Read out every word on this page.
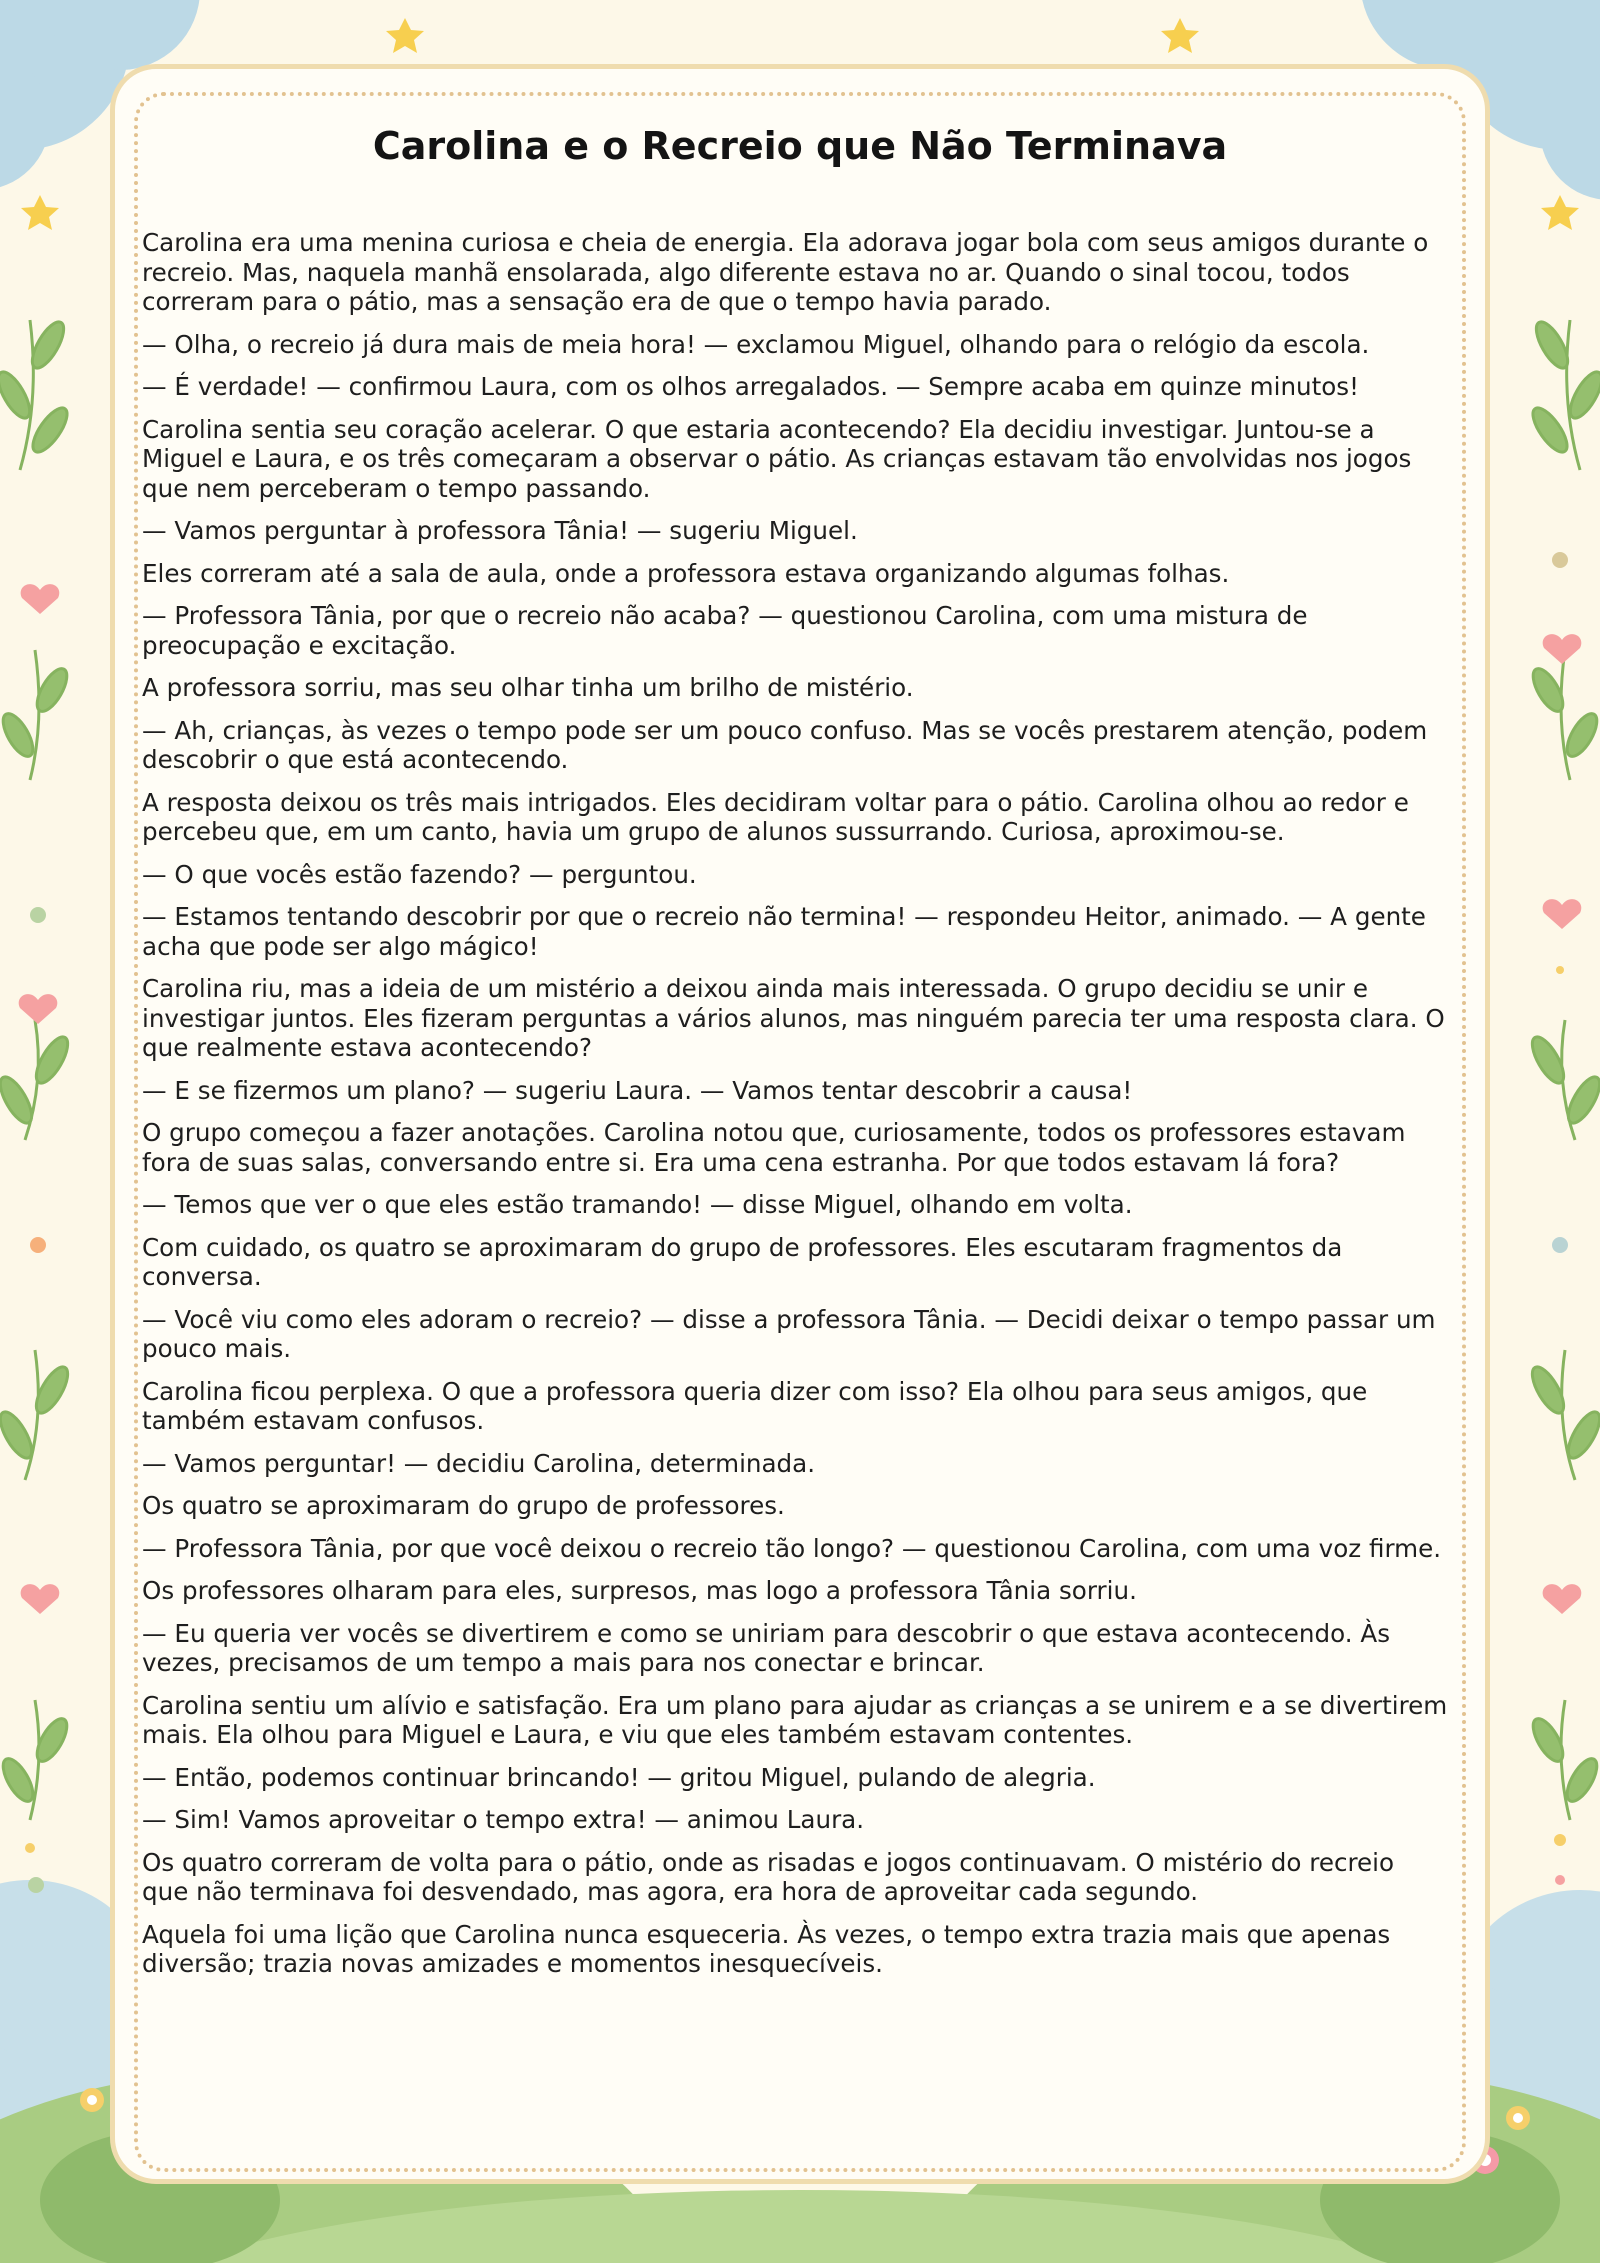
Carolina e o Recreio que Não Terminava

Carolina era uma menina curiosa e cheia de energia. Ela adorava jogar bola com seus amigos durante o recreio. Mas, naquela manhã ensolarada, algo diferente estava no ar. Quando o sinal tocou, todos correram para o pátio, mas a sensação era de que o tempo havia parado.

— Olha, o recreio já dura mais de meia hora! — exclamou Miguel, olhando para o relógio da escola.

— É verdade! — confirmou Laura, com os olhos arregalados. — Sempre acaba em quinze minutos!

Carolina sentia seu coração acelerar. O que estaria acontecendo? Ela decidiu investigar. Juntou-se a Miguel e Laura, e os três começaram a observar o pátio. As crianças estavam tão envolvidas nos jogos que nem perceberam o tempo passando.

— Vamos perguntar à professora Tânia! — sugeriu Miguel.

Eles correram até a sala de aula, onde a professora estava organizando algumas folhas.

— Professora Tânia, por que o recreio não acaba? — questionou Carolina, com uma mistura de preocupação e excitação.

A professora sorriu, mas seu olhar tinha um brilho de mistério.

— Ah, crianças, às vezes o tempo pode ser um pouco confuso. Mas se vocês prestarem atenção, podem descobrir o que está acontecendo.

A resposta deixou os três mais intrigados. Eles decidiram voltar para o pátio. Carolina olhou ao redor e percebeu que, em um canto, havia um grupo de alunos sussurrando. Curiosa, aproximou-se.

— O que vocês estão fazendo? — perguntou.

— Estamos tentando descobrir por que o recreio não termina! — respondeu Heitor, animado. — A gente acha que pode ser algo mágico!

Carolina riu, mas a ideia de um mistério a deixou ainda mais interessada. O grupo decidiu se unir e investigar juntos. Eles fizeram perguntas a vários alunos, mas ninguém parecia ter uma resposta clara. O que realmente estava acontecendo?

— E se fizermos um plano? — sugeriu Laura. — Vamos tentar descobrir a causa!

O grupo começou a fazer anotações. Carolina notou que, curiosamente, todos os professores estavam fora de suas salas, conversando entre si. Era uma cena estranha. Por que todos estavam lá fora?

— Temos que ver o que eles estão tramando! — disse Miguel, olhando em volta.

Com cuidado, os quatro se aproximaram do grupo de professores. Eles escutaram fragmentos da conversa.

— Você viu como eles adoram o recreio? — disse a professora Tânia. — Decidi deixar o tempo passar um pouco mais.

Carolina ficou perplexa. O que a professora queria dizer com isso? Ela olhou para seus amigos, que também estavam confusos.

— Vamos perguntar! — decidiu Carolina, determinada.

Os quatro se aproximaram do grupo de professores.

— Professora Tânia, por que você deixou o recreio tão longo? — questionou Carolina, com uma voz firme.

Os professores olharam para eles, surpresos, mas logo a professora Tânia sorriu.

— Eu queria ver vocês se divertirem e como se uniriam para descobrir o que estava acontecendo. Às vezes, precisamos de um tempo a mais para nos conectar e brincar.

Carolina sentiu um alívio e satisfação. Era um plano para ajudar as crianças a se unirem e a se divertirem mais. Ela olhou para Miguel e Laura, e viu que eles também estavam contentes.

— Então, podemos continuar brincando! — gritou Miguel, pulando de alegria.

— Sim! Vamos aproveitar o tempo extra! — animou Laura.

Os quatro correram de volta para o pátio, onde as risadas e jogos continuavam. O mistério do recreio que não terminava foi desvendado, mas agora, era hora de aproveitar cada segundo.

Aquela foi uma lição que Carolina nunca esqueceria. Às vezes, o tempo extra trazia mais que apenas diversão; trazia novas amizades e momentos inesquecíveis.
